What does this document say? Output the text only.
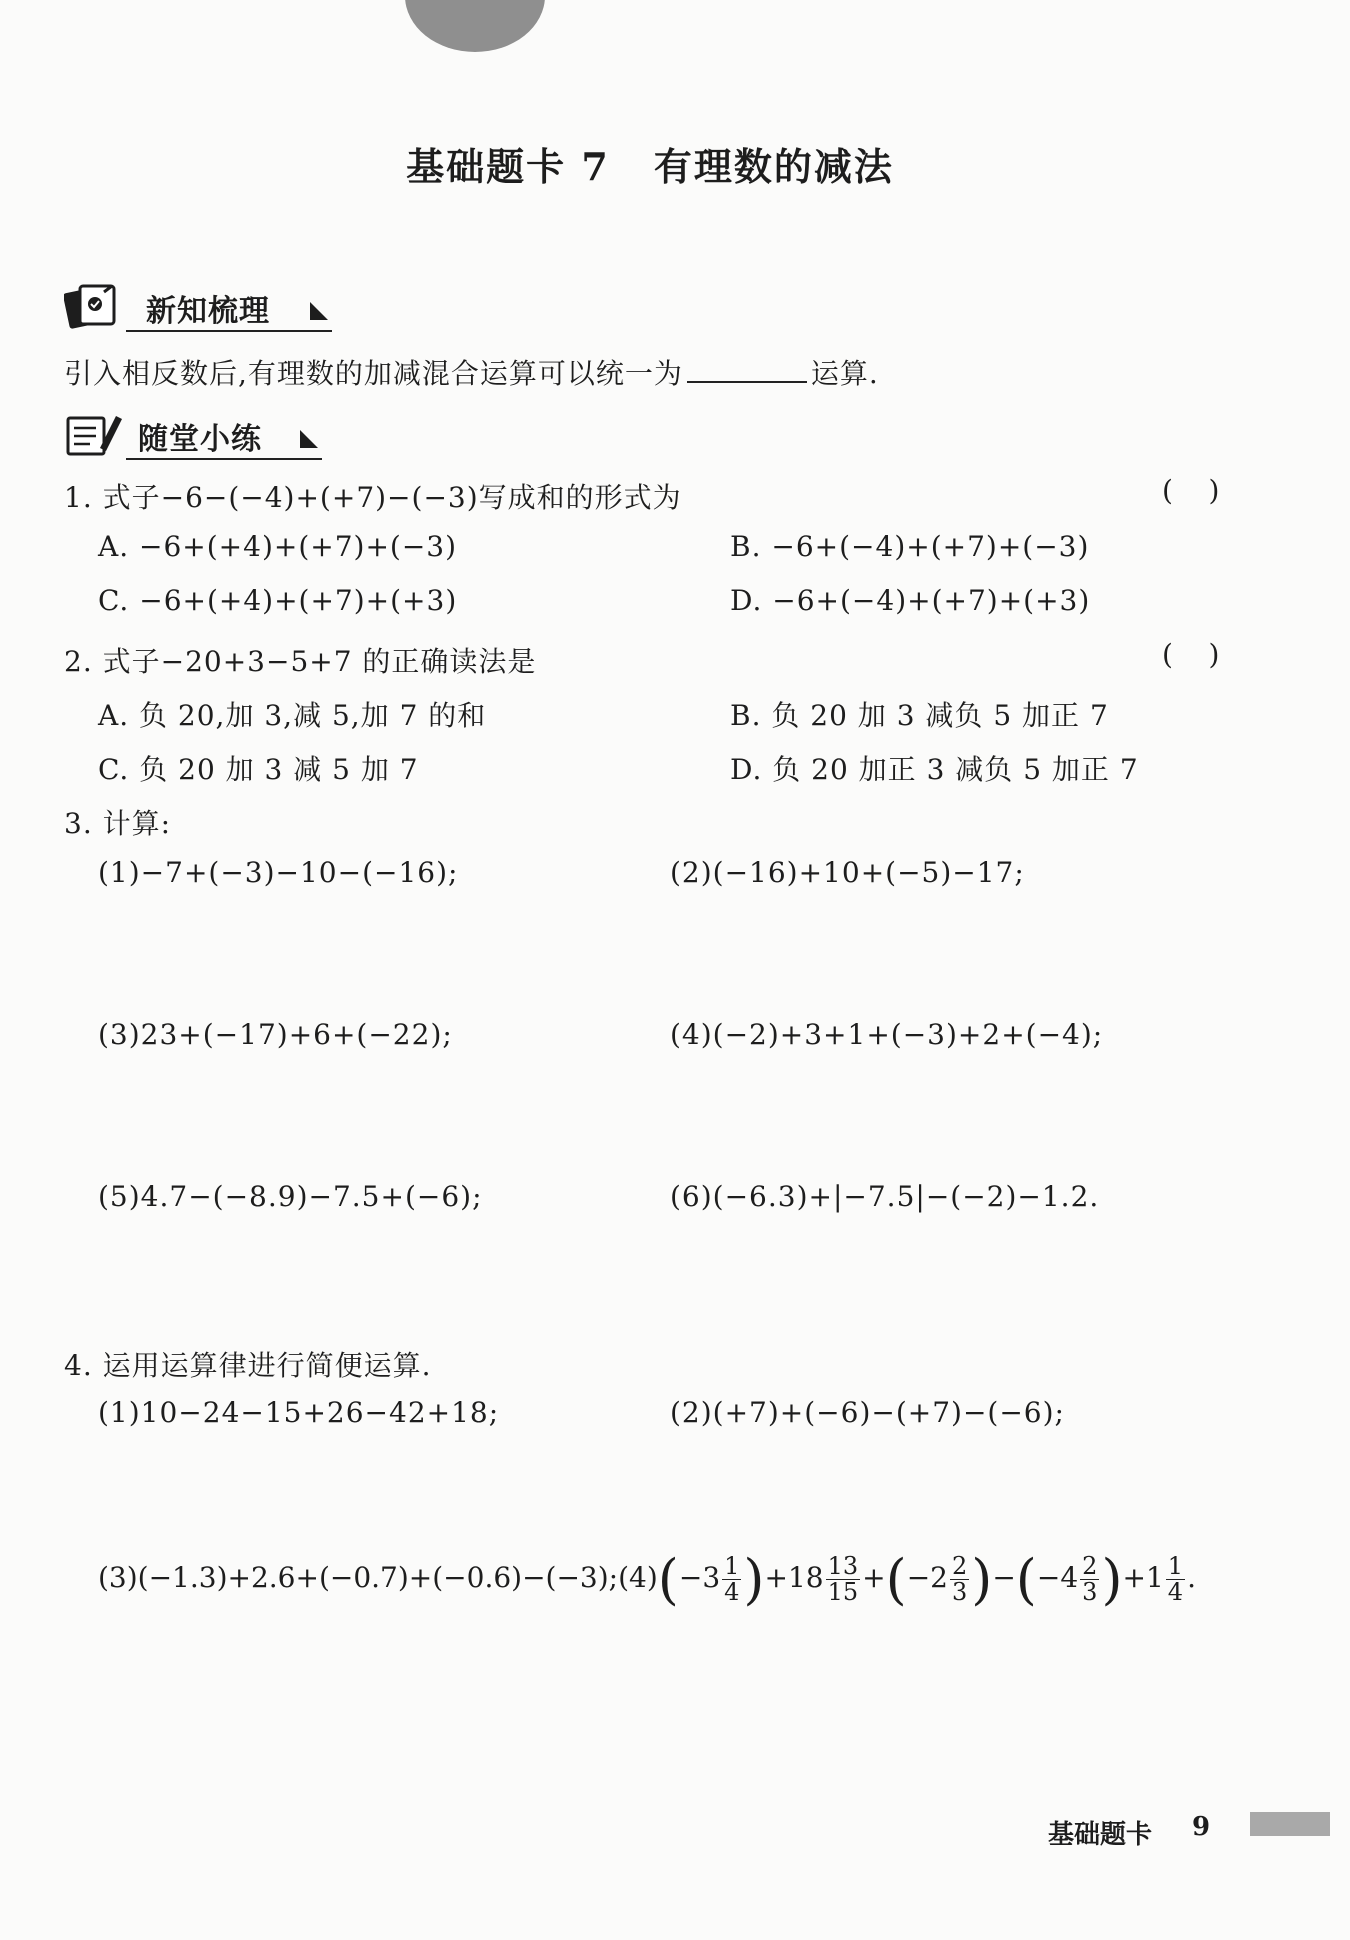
基础题卡 7 有理数的减法
新知梳理
引入相反数后,有理数的加减混合运算可以统一为	运算.
随堂小练
1. 式子−6−(−4)+(+7)−(−3)写成和的形式为	(    )
A. −6+(+4)+(+7)+(−3)	B. −6+(−4)+(+7)+(−3)
C. −6+(+4)+(+7)+(+3)	D. −6+(−4)+(+7)+(+3)
2. 式子−20+3−5+7 的正确读法是	(    )
A. 负 20,加 3,减 5,加 7 的和	B. 负 20 加 3 减负 5 加正 7
C. 负 20 加 3 减 5 加 7	D. 负 20 加正 3 减负 5 加正 7
3. 计算:
(1)−7+(−3)−10−(−16);	(2)(−16)+10+(−5)−17;
(3)23+(−17)+6+(−22);	(4)(−2)+3+1+(−3)+2+(−4);
(5)4.7−(−8.9)−7.5+(−6);	(6)(−6.3)+|−7.5|−(−2)−1.2.
4. 运用运算律进行简便运算.
(1)10−24−15+26−42+18;	(2)(+7)+(−6)−(+7)−(−6);
(3)(−1.3)+2.6+(−0.7)+(−0.6)−(−3);(4)(−3 $\frac{1}{4} )+18 \frac{13}{15} +(-2 \frac{2}{3} )-(-4 \frac{2}{3} )+1 \frac{1}{4}$ .
基础题卡 9
